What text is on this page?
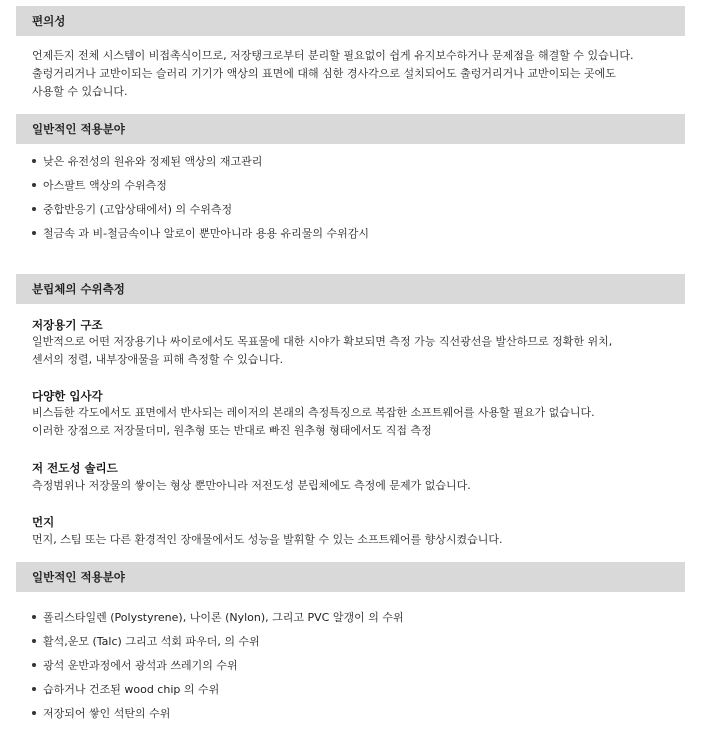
편의성
언제든지 전체 시스템이 비접촉식이므로, 저장탱크로부터 분리할 필요없이 쉽게 유지보수하거나 문제점을 해결할 수 있습니다.
출렁거리거나 교반이되는 슬러리 기기가 액상의 표면에 대해 심한 경사각으로 설치되어도 출렁거리거나 교반이되는 곳에도
사용할 수 있습니다.
일반적인 적용분야
낮은 유전성의 원유와 정제된 액상의 재고관리
아스팔트 액상의 수위측정
중합반응기 (고압상태에서) 의 수위측정
철금속 과 비-철금속이나 알로이 뿐만아니라 용용 유리물의 수위감시
분립체의 수위측정
저장용기 구조
일반적으로 어떤 저장용기나 싸이로에서도 목표물에 대한 시야가 확보되면 측정 가능 직선광선을 발산하므로 정확한 위치,
센서의 정렬, 내부장애물을 피해 측정할 수 있습니다.
다양한 입사각
비스듬한 각도에서도 표면에서 반사되는 레이저의 본래의 측정특징으로 복잡한 소프트웨어를 사용할 필요가 없습니다.
이러한 장점으로 저장물더미, 원추형 또는 반대로 빠진 원추형 형태에서도 직접 측정
저 전도성 솔리드
측정범위나 저장물의 쌓이는 형상 뿐만아니라 저전도성 분립체에도 측정에 문제가 없습니다.
먼지
먼지, 스팀 또는 다른 환경적인 장애물에서도 성능을 발휘할 수 있는 소프트웨어를 향상시켰습니다.
일반적인 적용분야
폴리스타일렌 (Polystyrene), 나이론 (Nylon), 그리고 PVC 알갱이 의 수위
활석,운모 (Talc) 그리고 석회 파우더, 의 수위
광석 운반과정에서 광석과 쓰레기의 수위
습하거나 건조된 wood chip 의 수위
저장되어 쌓인 석탄의 수위
